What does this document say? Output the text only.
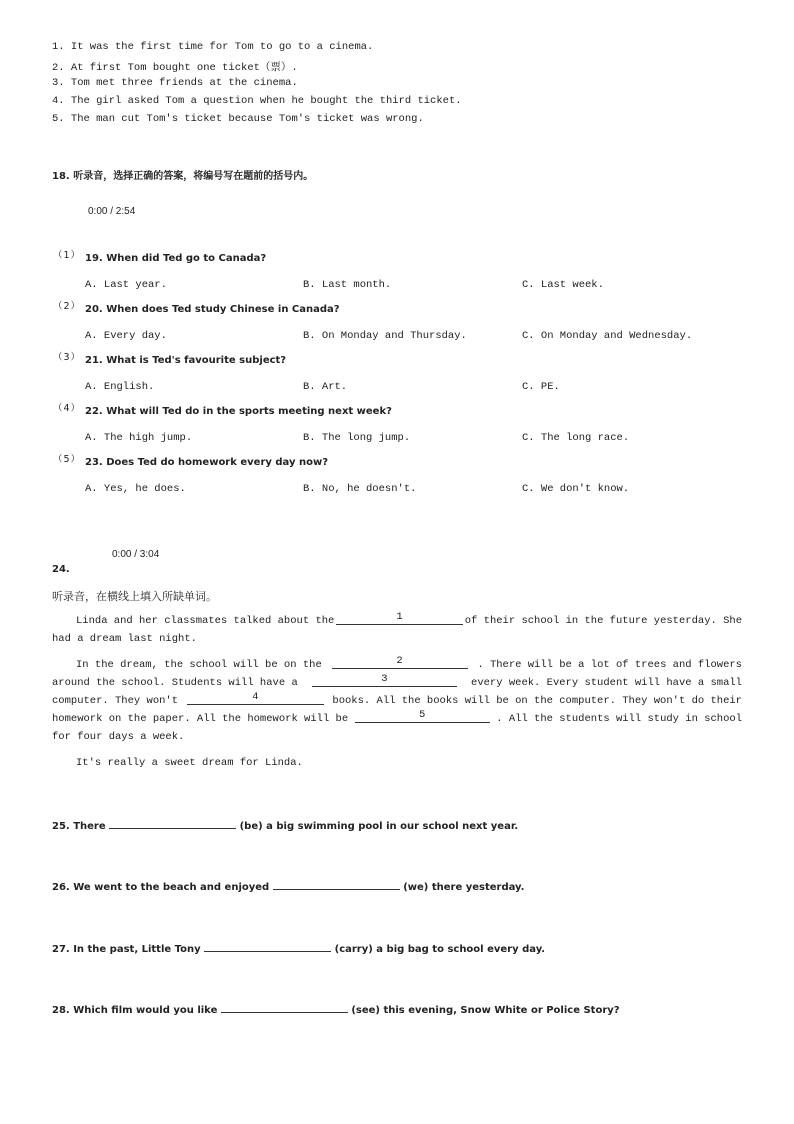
1. It was the first time for Tom to go to a cinema.
2. At first Tom bought one ticket（票）.
3. Tom met three friends at the cinema.
4. The girl asked Tom a question when he bought the third ticket.
5. The man cut Tom's ticket because Tom's ticket was wrong.
18. 听录音，选择正确的答案，将编号写在题前的括号内。
0:00 / 2:54
（1） 19. When did Ted go to Canada?
A. Last year.	B. Last month.	C. Last week.
（2） 20. When does Ted study Chinese in Canada?
A. Every day.	B. On Monday and Thursday.	C. On Monday and Wednesday.
（3） 21. What is Ted's favourite subject?
A. English.	B. Art.	C. PE.
（4） 22. What will Ted do in the sports meeting next week?
A. The high jump.	B. The long jump.	C. The long race.
（5） 23. Does Ted do homework every day now?
A. Yes, he does.	B. No, he doesn't.	C. We don't know.
0:00 / 3:04
24.
听录音，在横线上填入所缺单词。
Linda and her classmates talked about the	1	of their school in the future yesterday. She
had a dream last night.
In the dream, the school will be on the	2	. There will be a lot of trees and flowers
around the school. Students will have a	3	every week. Every student will have a small
computer. They won't	4	books. All the books will be on the computer. They won't do their
homework on the paper. All the homework will be	5	. All the students will study in school
for four days a week.
It's really a sweet dream for Linda.
25. There	(be) a big swimming pool in our school next year.
26. We went to the beach and enjoyed	(we) there yesterday.
27. In the past, Little Tony	(carry) a big bag to school every day.
28. Which film would you like	(see) this evening, Snow White or Police Story?
